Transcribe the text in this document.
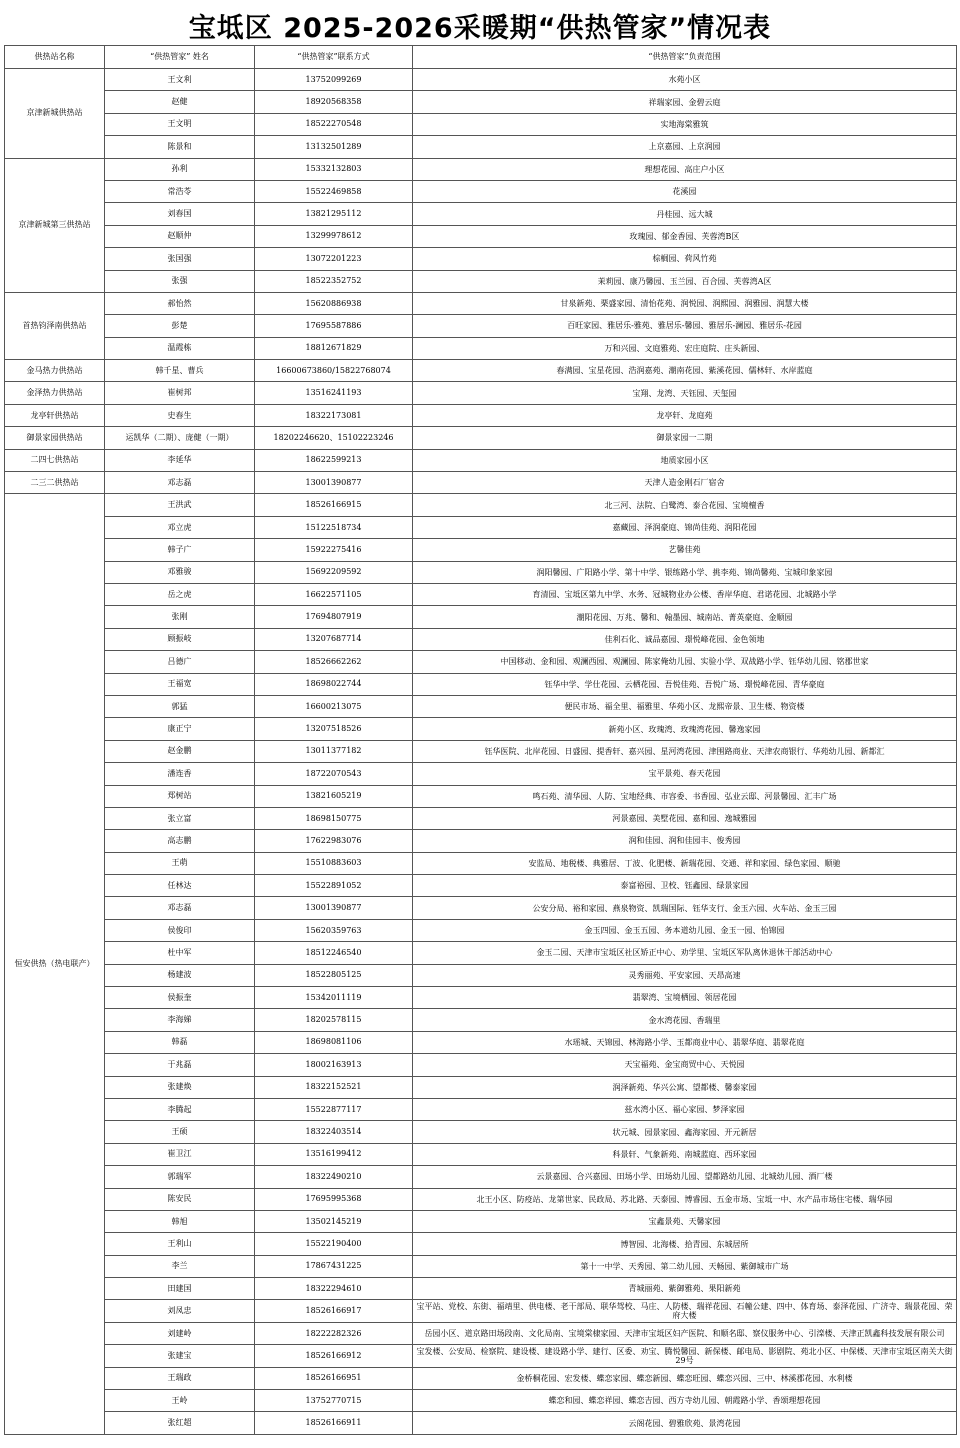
宝坻区 2025-2026采暖期“供热管家”情况表
供热站名称	“供热管家” 姓名	“供热管家”联系方式	“供热管家”负责范围
京津新城供热站	王文利	13752099269	水苑小区
	赵健	18920568358	祥瑞家园、金碧云庭
	王文明	18522270548	实地海棠雅筑
	陈景和	13132501289	上京嘉园、上京润园
京津新城第三供热站	孙利	15332132803	理想花园、高庄户小区
	常浩苓	15522469858	花溪园
	刘春国	13821295112	丹桂园、远大城
	赵顺仲	13299978612	玫瑰园、郁金香园、芙蓉湾B区
	张国强	13072201223	棕榈园、荷风竹苑
	张强	18522352752	茉莉园、康乃馨园、玉兰园、百合园、芙蓉湾A区
首热钧泽南供热站	郝怡然	15620886938	甘泉新苑、栗盛家园、清怡花苑、润悦园、润熙园、润雅园、润慧大楼
	彭楚	17695587886	百旺家园、雅居乐-雅苑、雅居乐-馨园、雅居乐-澜园、雅居乐-花园
	温霞栋	18812671829	万和兴园、文庭雅苑、宏庄庭院、庄头新园、
金马热力供热站	韩千星、曹兵	16600673860/15822768074	春满园、宝星花园、浩润嘉苑、潮南花园、紫溪花园、儒林轩、水岸蓝庭
金泽热力供热站	崔树邦	13516241193	宝翔、龙湾、天钰园、天玺园
龙亭轩供热站	史春生	18322173081	龙亭轩、龙庭苑
御景家园供热站	运凯华（二期）、庞健（一期）	18202246620、15102223246	御景家园一二期
二四七供热站	李延华	18622599213	地质家园小区
二三二供热站	邓志磊	13001390877	天津人造金刚石厂宿舍
恒安供热（热电联产）	王洪武	18526166915	北三河、法院、白鹭湾、泰合花园、宝境檀香
	邓立虎	15122518734	嘉藏园、泽润豪庭、锦尚佳苑、润阳花园
	韩子广	15922275416	艺馨佳苑
	邓雅骏	15692209592	润阳馨园、广阳路小学、第十中学、银练路小学、挑李苑、锦尚馨苑、宝城印象家园
	岳之虎	16622571105	育清园、宝坻区第九中学、水务、冠城物业办公楼、香岸华庭、君诺花园、北城路小学
	张刚	17694807919	潮阳花园、万兆、馨和、翰墨园、城南站、菁英豪庭、金顺园
	顾振岐	13207687714	佳利石化、诚品嘉园、璟悦峰花园、金色领地
	吕德广	18526662262	中国移动、金和园、观澜西园、观澜园、陈家俺幼儿园、实验小学、双战路小学、钰华幼儿园、铭郡世家
	王福宽	18698022744	钰华中学、学仕花园、云栖花园、吾悦佳苑、吾悦广场、璟悦峰花园、青华豪庭
	郭猛	16600213075	便民市场、福全里、福雅里、华苑小区、龙熙帝景、卫生楼、物资楼
	康正宁	13207518526	新苑小区、玫瑰湾、玫瑰湾花园、馨逸家园
	赵金鹏	13011377182	钰华医院、北岸花园、日盛园、提香轩、嘉兴园、星河湾花园、津围路商业、天津农商银行、华苑幼儿园、新都汇
	潘连香	18722070543	宝平景苑、春天花园
	郑树站	13821605219	鸣石苑、清华园、人防、宝地经典、市容委、书香园、弘业云邸、河景馨园、汇丰广场
	张立富	18698150775	河景嘉园、美墅花园、嘉和园、逸城雅园
	高志鹏	17622983076	润和佳园、润和佳园丰、俊秀园
	王萌	15510883603	安监局、地税楼、典雅居、丁波、化肥楼、新瑞花园、交通、祥和家园、绿色家园、顺驰
	任林达	15522891052	泰富裕园、卫校、钰鑫园、绿景家园
	邓志磊	13001390877	公安分局、裕和家园、燕泉物资、凯瑞国际、钰华支行、金玉六园、火车站、金玉三园
	侯俊印	15620359763	金玉四园、金玉五园、务本道幼儿园、金玉一园、怡锦园
	杜中军	18512246540	金玉二园、天津市宝坻区社区矫正中心、劝学里、宝坻区军队离休退休干部活动中心
	杨建波	18522805125	灵秀丽苑、平安家园、天昂高速
	侯振奎	15342011119	翡翠湾、宝境栖园、领居花园
	李海娣	18202578115	金水湾花园、香瑞里
	韩磊	18698081106	水瑶城、天锦园、林海路小学、玉都商业中心、翡翠华庭、翡翠花庭
	于兆磊	18002163913	天宝福苑、金宝商贸中心、天悦园
	张建焕	18322152521	润泽新苑、华兴公寓、望都楼、馨泰家园
	李腾起	15522877117	兹水湾小区、福心家园、梦泽家园
	王硕	18322403514	状元城、园景家园、鑫海家园、开元新居
	崔卫江	13516199412	科景轩、气象新苑、南城蓝庭、西环家园
	郭瑞军	18322490210	云景嘉园、合兴嘉园、田场小学、田场幼儿园、望都路幼儿园、北城幼儿园、酒厂楼
	陈安民	17695995368	北王小区、防疫站、龙第世家、民政局、苏北路、天泰园、博睿园、五金市场、宝坻一中、水产品市场住宅楼、瑞华园
	韩旭	13502145219	宝鑫景苑、天馨家园
	王利山	15522190400	博智园、北海楼、拾青园、东城居所
	李兰	17867431225	第十一中学、天秀园、第二幼儿园、天畅园、紫御城市广场
	田建国	18322294610	青城丽苑、紫御雅苑、果阳新苑
	刘凤忠	18526166917	宝平站、党校、东街、福靖里、供电楼、老干部局、联华驾校、马庄、人防楼、瑞祥花园、石幢公建、四中、体育场、泰泽花园、广济寺、瑞景花园、荣府大楼
	刘建岭	18222282326	岳园小区、道京路田场段南、文化局南、宝境棠棣家园、天津市宝坻区妇产医院、和顺名邸、察仪服务中心、引滦楼、天津正凯鑫科技发展有限公司
	张建宝	18526166912	宝发楼、公安局、检察院、建设楼、建设路小学、建行、区委、劝宝、腾悦馨园、新保楼、邮电局、影剧院、苑北小区、中保楼、天津市宝坻区南关大街29号
	王瑞政	18526166951	金桥桐花园、宏发楼、蝶恋家园、蝶恋新园、蝶恋旺园、蝶恋兴园、三中、林溪郡花园、水利楼
	王岭	13752770715	蝶恋和园、蝶恋祥园、蝶恋吉园、西方寺幼儿园、朝霞路小学、香颂理想花园
	张红超	18526166911	云阁花园、碧雅欣苑、景湾花园
